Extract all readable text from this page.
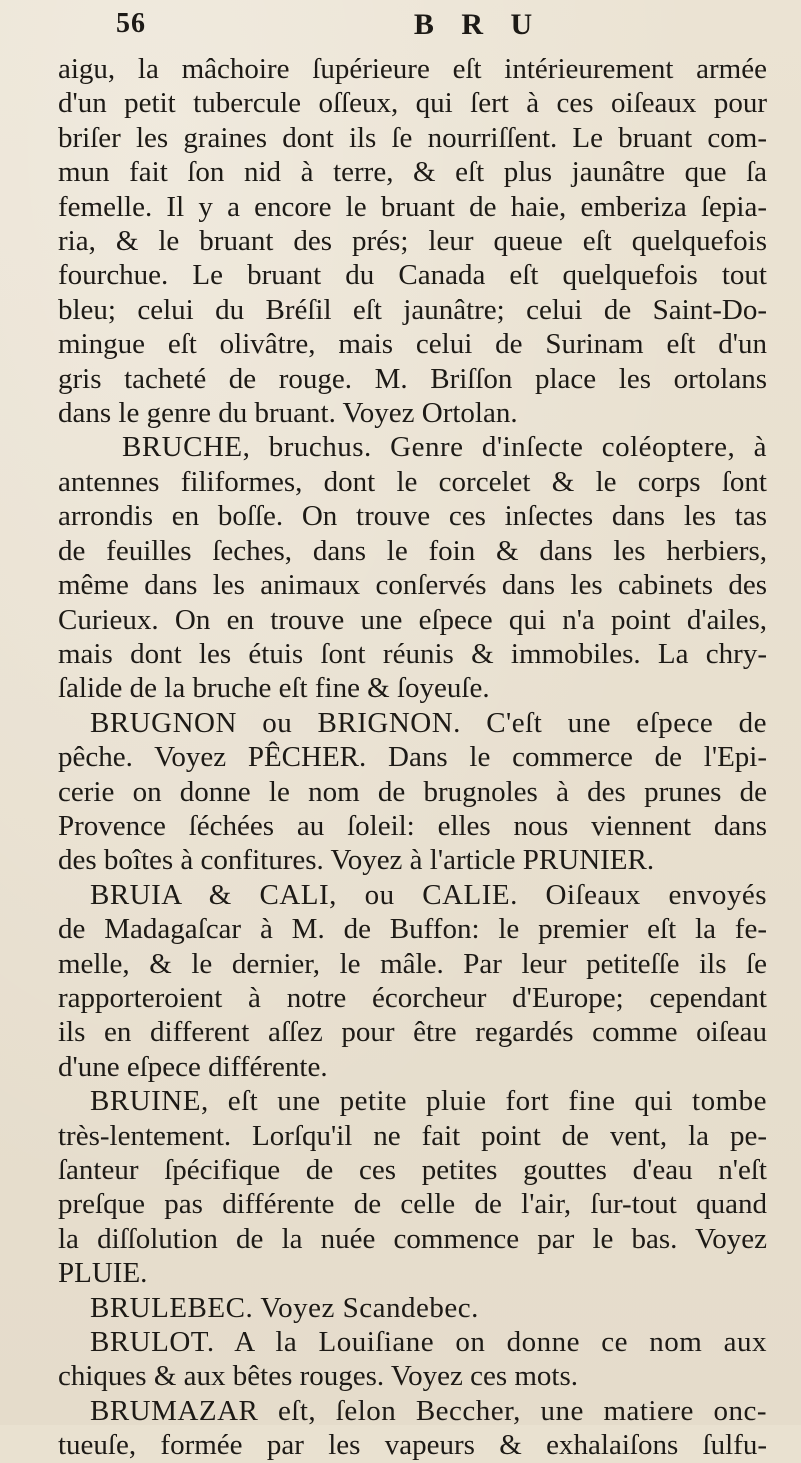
56	B R U
aigu, la mâchoire ſupérieure eſt intérieurement armée
d'un petit tubercule oſſeux, qui ſert à ces oiſeaux pour
briſer les graines dont ils ſe nourriſſent. Le bruant com-
mun fait ſon nid à terre, & eſt plus jaunâtre que ſa
femelle. Il y a encore le bruant de haie, emberiza ſepia-
ria, & le bruant des prés; leur queue eſt quelquefois
fourchue. Le bruant du Canada eſt quelquefois tout
bleu; celui du Bréſil eſt jaunâtre; celui de Saint-Do-
mingue eſt olivâtre, mais celui de Surinam eſt d'un
gris tacheté de rouge. M. Briſſon place les ortolans
dans le genre du bruant. Voyez Ortolan.
BRUCHE, bruchus. Genre d'inſecte coléoptere, à
antennes filiformes, dont le corcelet & le corps ſont
arrondis en boſſe. On trouve ces inſectes dans les tas
de feuilles ſeches, dans le foin & dans les herbiers,
même dans les animaux conſervés dans les cabinets des
Curieux. On en trouve une eſpece qui n'a point d'ailes,
mais dont les étuis ſont réunis & immobiles. La chry-
ſalide de la bruche eſt fine & ſoyeuſe.
BRUGNON ou BRIGNON. C'eſt une eſpece de
pêche. Voyez PÊCHER. Dans le commerce de l'Epi-
cerie on donne le nom de brugnoles à des prunes de
Provence ſéchées au ſoleil: elles nous viennent dans
des boîtes à confitures. Voyez à l'article PRUNIER.
BRUIA & CALI, ou CALIE. Oiſeaux envoyés
de Madagaſcar à M. de Buffon: le premier eſt la fe-
melle, & le dernier, le mâle. Par leur petiteſſe ils ſe
rapporteroient à notre écorcheur d'Europe; cependant
ils en different aſſez pour être regardés comme oiſeau
d'une eſpece différente.
BRUINE, eſt une petite pluie fort fine qui tombe
très-lentement. Lorſqu'il ne fait point de vent, la pe-
ſanteur ſpécifique de ces petites gouttes d'eau n'eſt
preſque pas différente de celle de l'air, ſur-tout quand
la diſſolution de la nuée commence par le bas. Voyez
PLUIE.
BRULEBEC. Voyez Scandebec.
BRULOT. A la Louiſiane on donne ce nom aux
chiques & aux bêtes rouges. Voyez ces mots.
BRUMAZAR eſt, ſelon Beccher, une matiere onc-
tueuſe, formée par les vapeurs & exhalaiſons ſulfu-
